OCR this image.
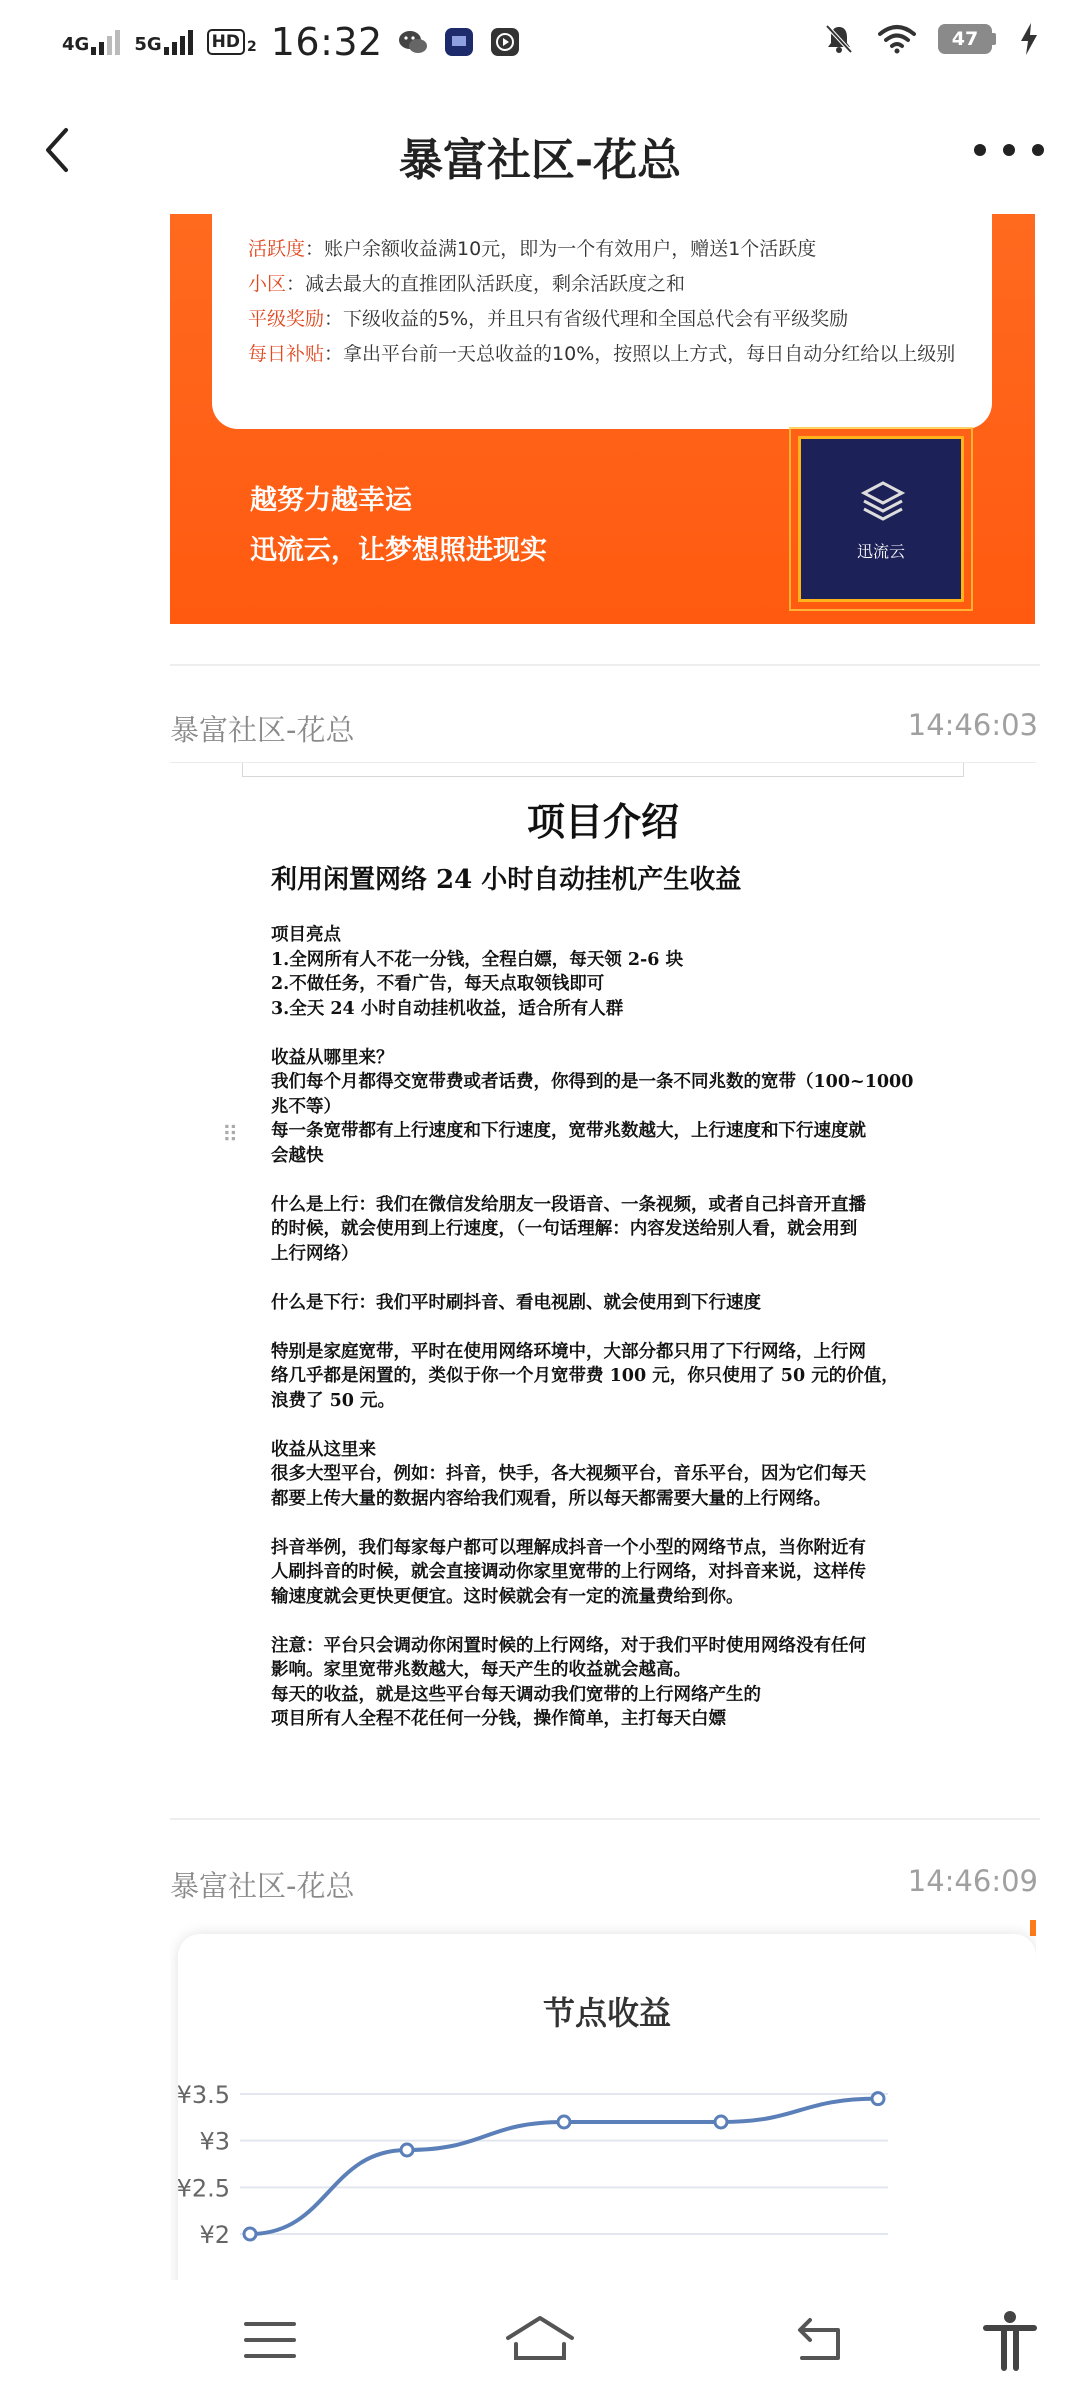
4G	5G	HD 2 16:32	47
暴富社区-花总
活跃度：账户余额收益满10元，即为一个有效用户，赠送1个活跃度
小区：减去最大的直推团队活跃度，剩余活跃度之和
平级奖励：下级收益的5%，并且只有省级代理和全国总代会有平级奖励
每日补贴：拿出平台前一天总收益的10%，按照以上方式，每日自动分红给以上级别
越努力越幸运
迅流云，让梦想照进现实	迅流云
暴富社区-花总	14:46:03
项目介绍
利用闲置网络 24 小时自动挂机产生收益
⠿
项目亮点
1.全网所有人不花一分钱，全程白嫖，每天领 2-6 块
2.不做任务，不看广告，每天点取领钱即可
3.全天 24 小时自动挂机收益，适合所有人群
收益从哪里来？
我们每个月都得交宽带费或者话费，你得到的是一条不同兆数的宽带（100~1000
兆不等）
每一条宽带都有上行速度和下行速度，宽带兆数越大，上行速度和下行速度就
会越快
什么是上行：我们在微信发给朋友一段语音、一条视频，或者自己抖音开直播
的时候，就会使用到上行速度，（一句话理解：内容发送给别人看，就会用到
上行网络）
什么是下行：我们平时刷抖音、看电视剧、就会使用到下行速度
特别是家庭宽带，平时在使用网络环境中，大部分都只用了下行网络，上行网
络几乎都是闲置的，类似于你一个月宽带费 100 元，你只使用了 50 元的价值，
浪费了 50 元。
收益从这里来
很多大型平台，例如：抖音，快手，各大视频平台，音乐平台，因为它们每天
都要上传大量的数据内容给我们观看，所以每天都需要大量的上行网络。
抖音举例，我们每家每户都可以理解成抖音一个小型的网络节点，当你附近有
人刷抖音的时候，就会直接调动你家里宽带的上行网络，对抖音来说，这样传
输速度就会更快更便宜。这时候就会有一定的流量费给到你。
注意：平台只会调动你闲置时候的上行网络，对于我们平时使用网络没有任何
影响。家里宽带兆数越大，每天产生的收益就会越高。
每天的收益，就是这些平台每天调动我们宽带的上行网络产生的
项目所有人全程不花任何一分钱，操作简单，主打每天白嫖
暴富社区-花总	14:46:09
节点收益
¥2
¥2.5
¥3
¥3.5
